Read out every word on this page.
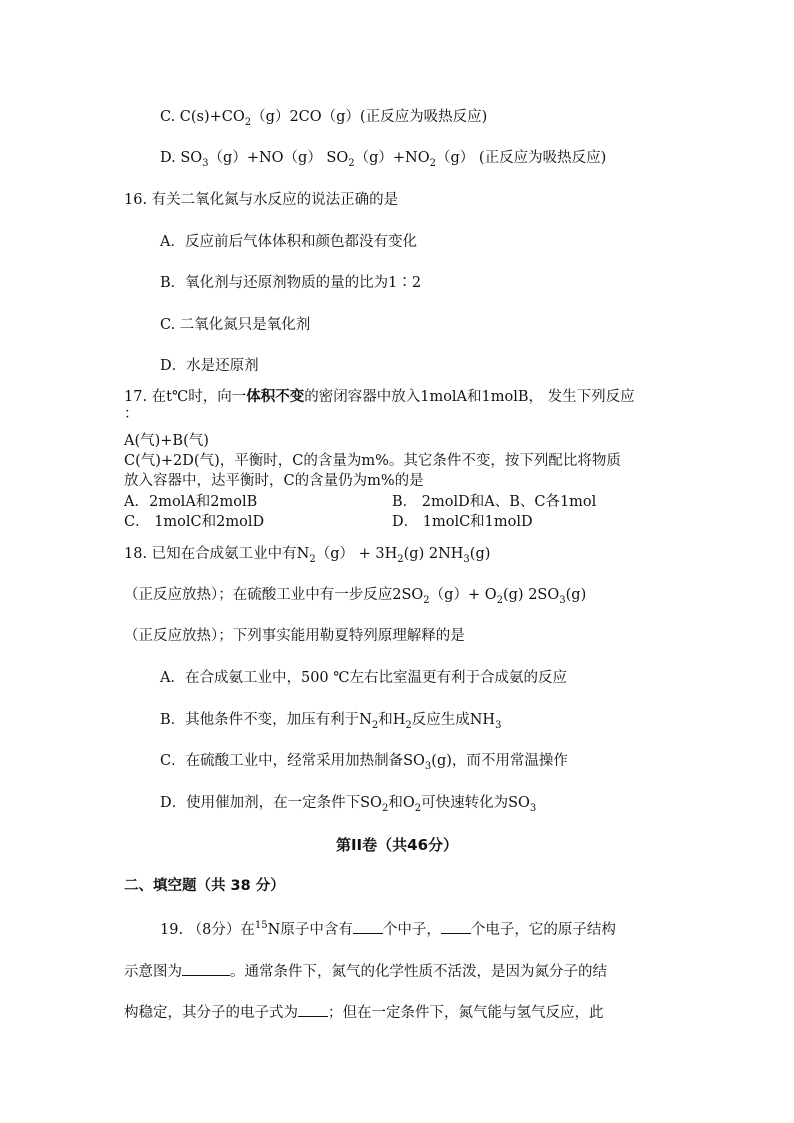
C. $C(s)+CO_2(g)2CO(g)$(正反应为吸热反应)
D. $SO_3(g)+NO(g)$ $SO_2(g)+NO_2(g)$ (正反应为吸热反应)
16. 有关二氧化氮与水反应的说法正确的是
A．反应前后气体体积和颜色都没有变化
B．氧化剂与还原剂物质的量的比为1∶2
C. 二氧化氮只是氧化剂
D．水是还原剂
17. 在t℃时，向一体积不变的密闭容器中放入1molA和1molB， 发生下列反应
：
A(气)+B(气)
C(气)+2D(气)，平衡时，C的含量为m%。其它条件不变，按下列配比将物质
放入容器中，达平衡时，C的含量仍为m%的是
A．2molA和2molB	B． 2molD和A、B、C各1mol
C． 1molC和2molD	D． 1molC和1molD
18. 已知在合成氨工业中有$N_2(g) + 3H_2(g)$ $2NH_3(g)$
（正反应放热）；在硫酸工业中有一步反应$2SO_2(g)+ O_2(g)$ $2SO_3(g)$
（正反应放热）；下列事实能用勒夏特列原理解释的是
A．在合成氨工业中，500 ℃左右比室温更有利于合成氨的反应
B．其他条件不变，加压有利于$N_2$和$H_2$反应生成$NH_3$
C．在硫酸工业中，经常采用加热制备$SO_3(g)$，而不用常温操作
D．使用催加剂，在一定条件下$SO_2$和$O_2$可快速转化为$SO_3$
第II卷（共46分）
二、填空题（共 38 分）
19. （8分）在$^{15}$N原子中含有 个中子， 个电子，它的原子结构
示意图为	。通常条件下，氮气的化学性质不活泼，是因为氮分子的结
构稳定，其分子的电子式为 ；但在一定条件下，氮气能与氢气反应，此
